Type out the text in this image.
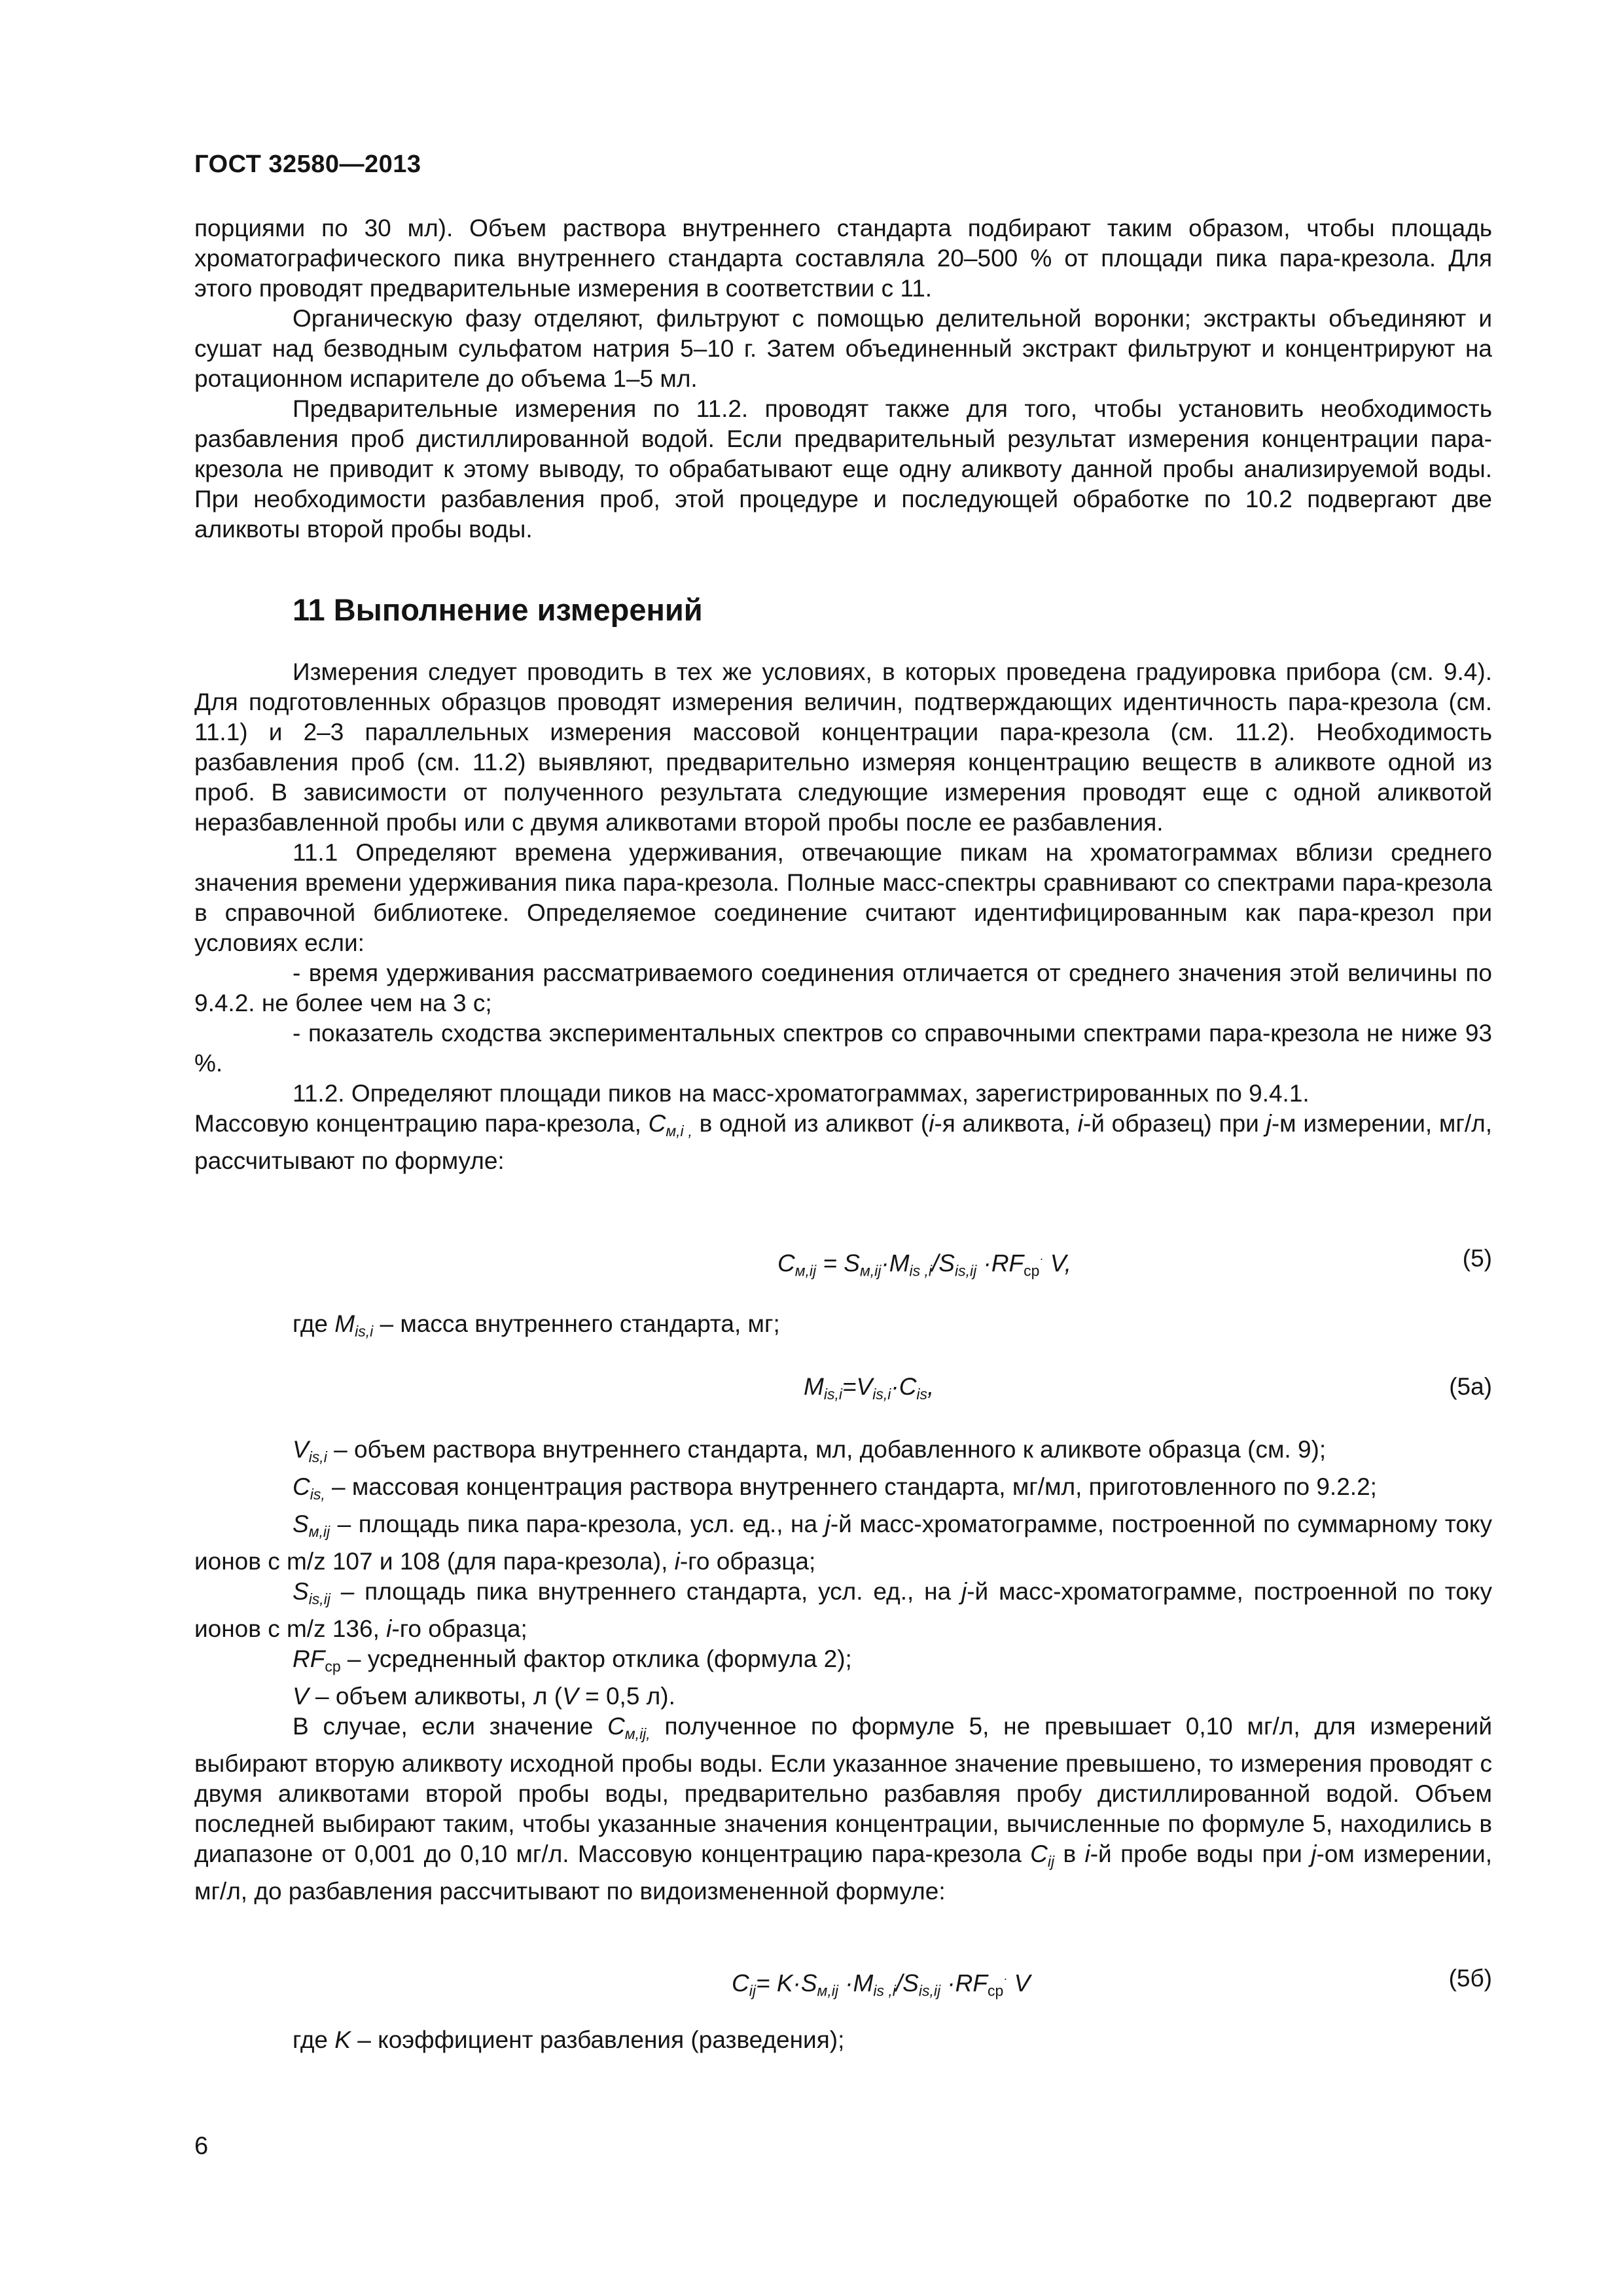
ГОСТ 32580—2013

порциями по 30 мл). Объем раствора внутреннего стандарта подбирают таким образом, чтобы площадь хроматографического пика внутреннего стандарта составляла 20–500 % от площади пика пара-крезола. Для этого проводят предварительные измерения в соответствии с 11.

Органическую фазу отделяют, фильтруют с помощью делительной воронки; экстракты объединяют и сушат над безводным сульфатом натрия 5–10 г. Затем объединенный экстракт фильтруют и концентрируют на ротационном испарителе до объема 1–5 мл.

Предварительные измерения по 11.2. проводят также для того, чтобы установить необходимость разбавления проб дистиллированной водой. Если предварительный результат измерения концентрации пара-крезола не приводит к этому выводу, то обрабатывают еще одну аликвоту данной пробы анализируемой воды. При необходимости разбавления проб, этой процедуре и последующей обработке по 10.2 подвергают две аликвоты второй пробы воды.

11 Выполнение измерений

Измерения следует проводить в тех же условиях, в которых проведена градуировка прибора (см. 9.4). Для подготовленных образцов проводят измерения величин, подтверждающих идентичность пара-крезола (см. 11.1) и 2–3 параллельных измерения массовой концентрации пара-крезола (см. 11.2). Необходимость разбавления проб (см. 11.2) выявляют, предварительно измеряя концентрацию веществ в аликвоте одной из проб. В зависимости от полученного результата следующие измерения проводят еще с одной аликвотой неразбавленной пробы или с двумя аликвотами второй пробы после ее разбавления.

11.1 Определяют времена удерживания, отвечающие пикам на хроматограммах вблизи среднего значения времени удерживания пика пара-крезола. Полные масс-спектры сравнивают со спектрами пара-крезола в справочной библиотеке. Определяемое соединение считают идентифицированным как пара-крезол при условиях если:

- время удерживания рассматриваемого соединения отличается от среднего значения этой величины по 9.4.2. не более чем на 3 с;

- показатель сходства экспериментальных спектров со справочными спектрами пара-крезола не ниже 93 %.

11.2. Определяют площади пиков на масс-хроматограммах, зарегистрированных по 9.4.1.

Массовую концентрацию пара-крезола, $C_{м,i ,}$ в одной из аликвот (i-я аликвота, i-й образец) при j-м измерении, мг/л, рассчитывают по формуле:

$C_{м,ij} = S_{м,ij}\cdot M_{is ,i}/S_{is,ij} \cdot RF_{ср}^\cdot$ V,	(5)

где $M_{is,i}$ – масса внутреннего стандарта, мг;

$M_{is,i}=V_{is,i}\cdot C_{is}$,	(5а)

$V_{is,i}$ – объем раствора внутреннего стандарта, мл, добавленного к аликвоте образца (см. 9);

$C_{is,}$ – массовая концентрация раствора внутреннего стандарта, мг/мл, приготовленного по 9.2.2;

$S_{м,ij}$ – площадь пика пара-крезола, усл. ед., на j-й масс-хроматограмме, построенной по суммарному току ионов с m/z 107 и 108 (для пара-крезола), i-го образца;

$S_{is,ij}$ – площадь пика внутреннего стандарта, усл. ед., на j-й масс-хроматограмме, построенной по току ионов с m/z 136, i-го образца;

$RF_{ср}$ – усредненный фактор отклика (формула 2);

V – объем аликвоты, л (V = 0,5 л).

В случае, если значение $C_{м,ij,}$ полученное по формуле 5, не превышает 0,10 мг/л, для измерений выбирают вторую аликвоту исходной пробы воды. Если указанное значение превышено, то измерения проводят с двумя аликвотами второй пробы воды, предварительно разбавляя пробу дистиллированной водой. Объем последней выбирают таким, чтобы указанные значения концентрации, вычисленные по формуле 5, находились в диапазоне от 0,001 до 0,10 мг/л. Массовую концентрацию пара-крезола $C_{ij}$ в i-й пробе воды при j-ом измерении, мг/л, до разбавления рассчитывают по видоизмененной формуле:

$C_{ij}= K\cdot S_{м,ij} \cdot M_{is ,i}/S_{is,ij} \cdot RF_{ср}^\cdot$ V	(5б)

где K – коэффициент разбавления (разведения);

6
